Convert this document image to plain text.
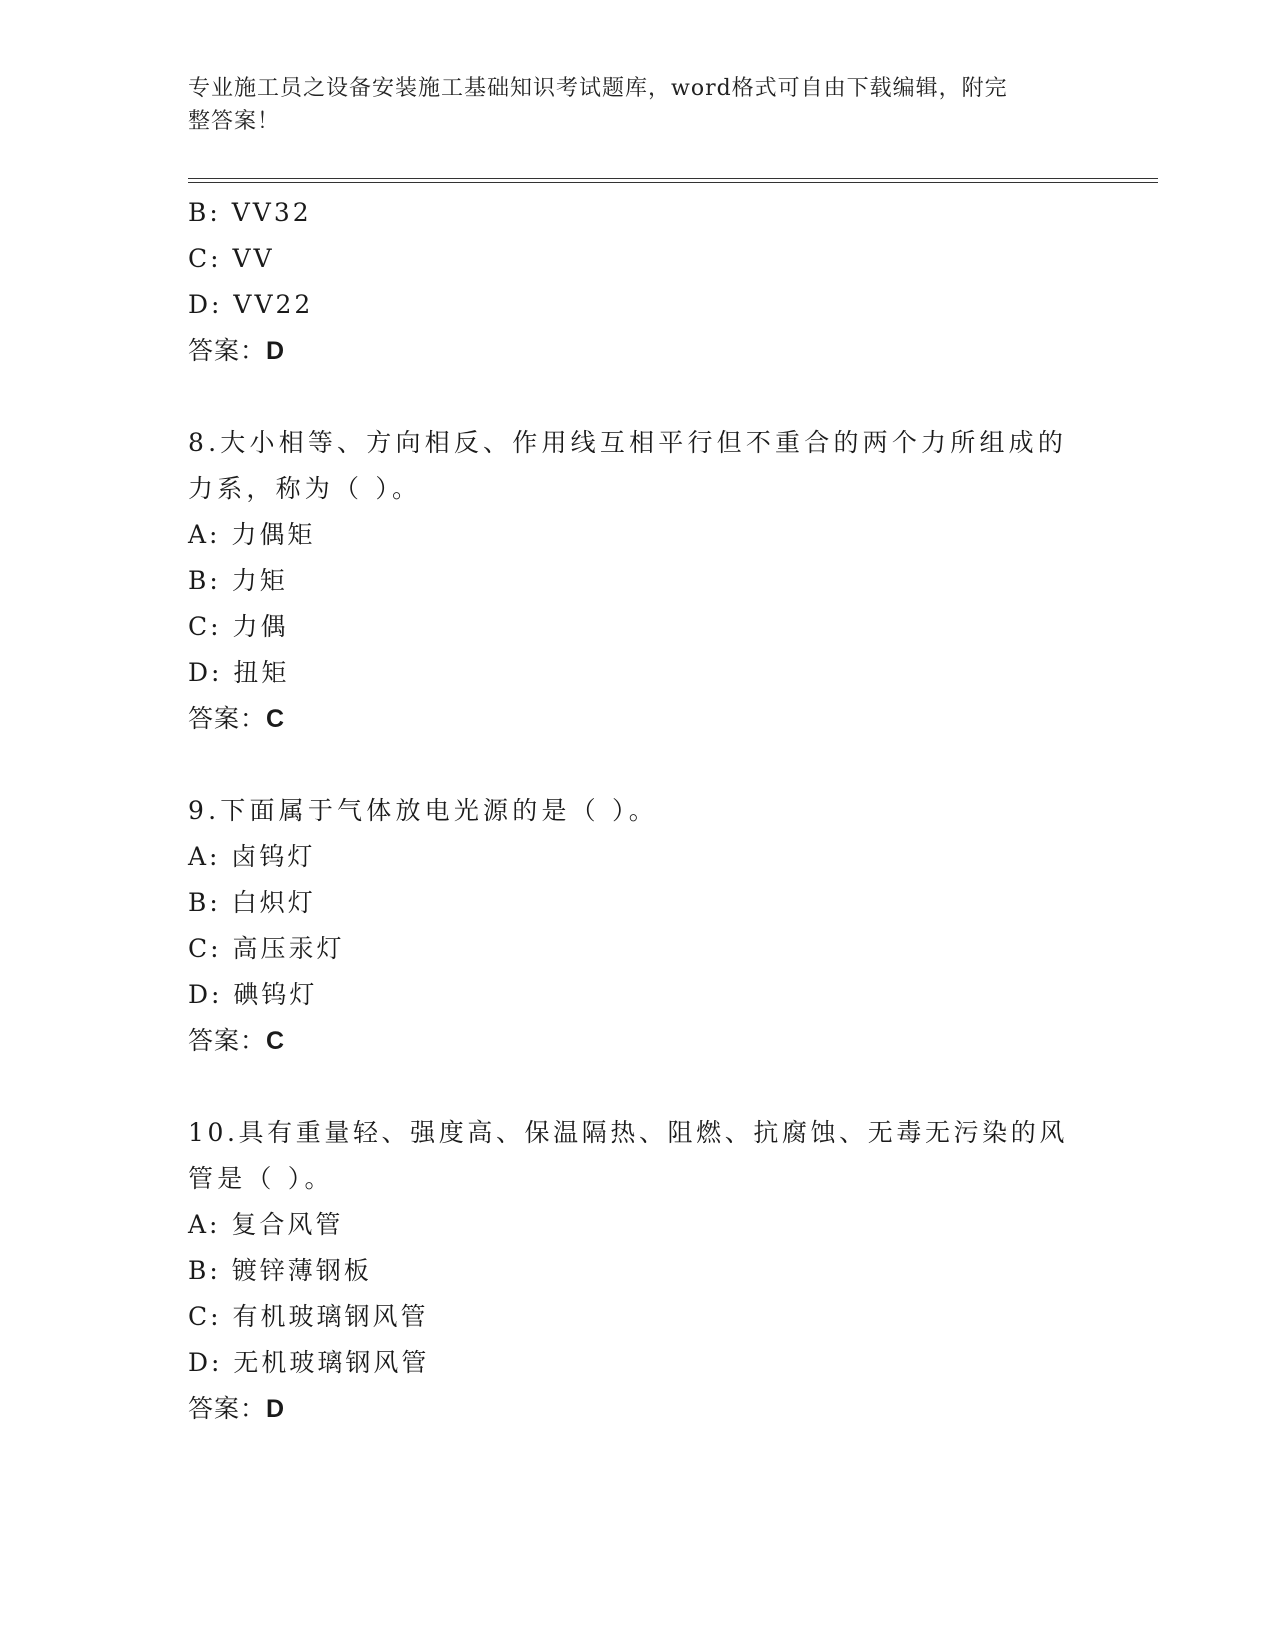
专业施工员之设备安装施工基础知识考试题库，word格式可自由下载编辑，附完
整答案！

B: VV32

C: VV

D: VV22

答案：D

8.大小相等、方向相反、作用线互相平行但不重合的两个力所组成的

力系，称为（ ）。

A: 力偶矩

B: 力矩

C: 力偶

D: 扭矩

答案：C

9.下面属于气体放电光源的是（ ）。

A: 卤钨灯

B: 白炽灯

C: 高压汞灯

D: 碘钨灯

答案：C

10.具有重量轻、强度高、保温隔热、阻燃、抗腐蚀、无毒无污染的风

管是（ ）。

A: 复合风管

B: 镀锌薄钢板

C: 有机玻璃钢风管

D: 无机玻璃钢风管

答案：D
